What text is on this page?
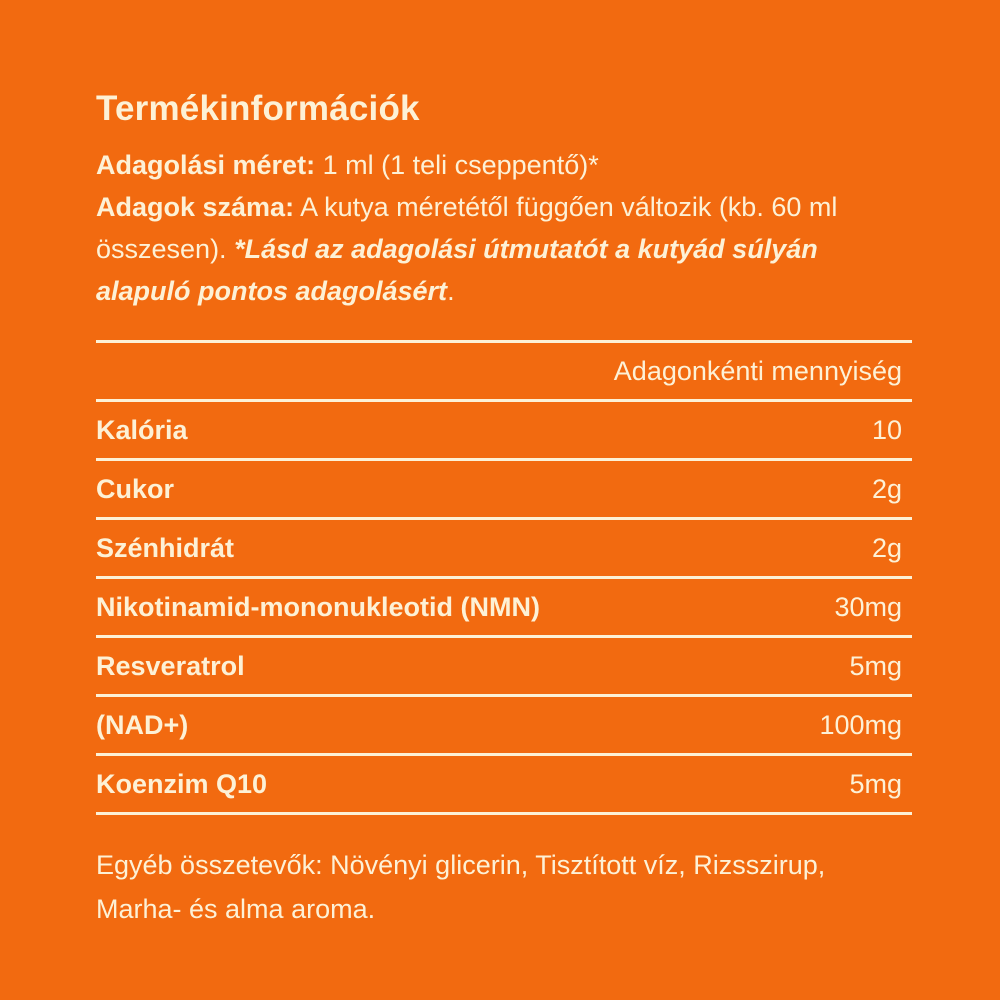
Termékinformációk

Adagolási méret: 1 ml (1 teli cseppentő)*

Adagok száma: A kutya méretétől függően változik (kb. 60 ml összesen). *Lásd az adagolási útmutatót a kutyád súlyán alapuló pontos adagolásért.

Adagonkénti mennyiség
Kalória	10
Cukor	2g
Szénhidrát	2g
Nikotinamid-mononukleotid (NMN)	30mg
Resveratrol	5mg
(NAD+)	100mg
Koenzim Q10	5mg
Egyéb összetevők: Növényi glicerin, Tisztított víz, Rizsszirup, Marha- és alma aroma.
